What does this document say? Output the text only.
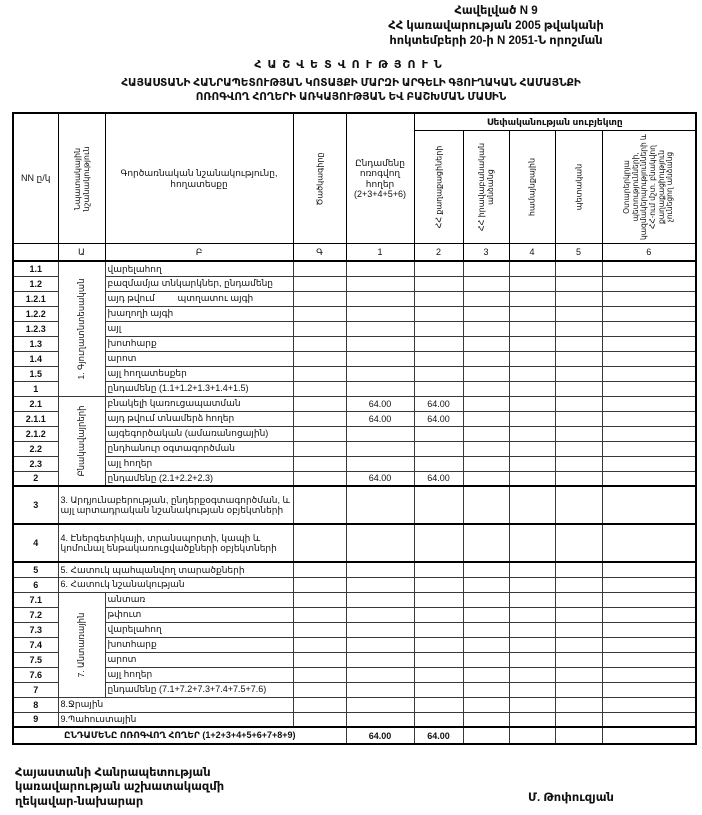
Հավելված N 9
ՀՀ կառավարության 2005 թվականի
հոկտեմբերի 20-ի N 2051-Ն որոշման
ՀԱՇՎԵՏՎՈՒԹՅՈՒՆ
ՀԱՅԱՍՏԱՆԻ ՀԱՆՐԱՊԵՏՈՒԹՅԱՆ ԿՈՏԱՅՔԻ ՄԱՐԶԻ ԱՐԳԵԼԻ ԳՅՈՒՂԱԿԱՆ ՀԱՄԱՅՆՔԻ
ՈՌՈԳՎՈՂ ՀՈՂԵՐԻ ԱՌԿԱՅՈՒԹՅԱՆ ԵՎ ԲԱՇԽՄԱՆ ՄԱՍԻՆ
NN ը/կ	Նպատակային նշանակություն	Գործառնական նշանակությունը, հողատեսքը	Ծածկագիրը	Ընդամենը ոռոգվող հողեր (2+3+4+5+6)	Սեփականության սուբյեկտը				

					ՀՀ քաղաքացիների	ՀՀ իրավաբանական անձանց	համայնքային	պետական	Օտարերկրյա պետությունների, կազմակերպությունների և ՀՀ-ում մշտ. բնակվող քաղաքացիություն չունեցող անձանց

	Ա	Բ	Գ	1	2	3	4	5	6
1.1	1. Գյուղատնտեսական	վարելահող							
1.2		բազմամյա տնկարկներ, ընդամենը							
1.2.1		այդ թվում պտղատու այգի							
1.2.2		խաղողի այգի							
1.2.3		այլ							
1.3		խոտհարք							
1.4		արոտ							
1.5		այլ հողատեսքեր							
1		ընդամենը (1.1+1.2+1.3+1.4+1.5)							
2.1	Բնակավայրերի	բնակելի կառուցապատման		64.00	64.00				
2.1.1		այդ թվում տնամերձ հողեր		64.00	64.00				
2.1.2		այգեգործական (ամառանոցային)							
2.2		ընդհանուր օգտագործման							
2.3		այլ հողեր							
2		ընդամենը (2.1+2.2+2.3)		64.00	64.00				
3	3. Արդյունաբերության, ընդերքօգտագործման, և այլ արտադրական նշանակության օբյեկտների								
4	4. Էներգետիկայի, տրանսպորտի, կապի և կոմունալ ենթակառուցվածքների օբյեկտների								
5	5. Հատուկ պահպանվող տարածքների								
6	6. Հատուկ նշանակության								
7.1	7. Անտառային	անտառ							
7.2		թփուտ							
7.3		վարելահող							
7.4		խոտհարք							
7.5		արոտ							
7.6		այլ հողեր							
7		ընդամենը (7.1+7.2+7.3+7.4+7.5+7.6)							
8	8.Ջրային								
9	9.Պահուստային								
ԸՆԴԱՄԵՆԸ ՈՌՈԳՎՈՂ ՀՈՂԵՐ (1+2+3+4+5+6+7+8+9)				64.00	64.00				
Հայաստանի Հանրապետության
կառավարության աշխատակազմի
ղեկավար-նախարար	Մ. Թոփուզյան
